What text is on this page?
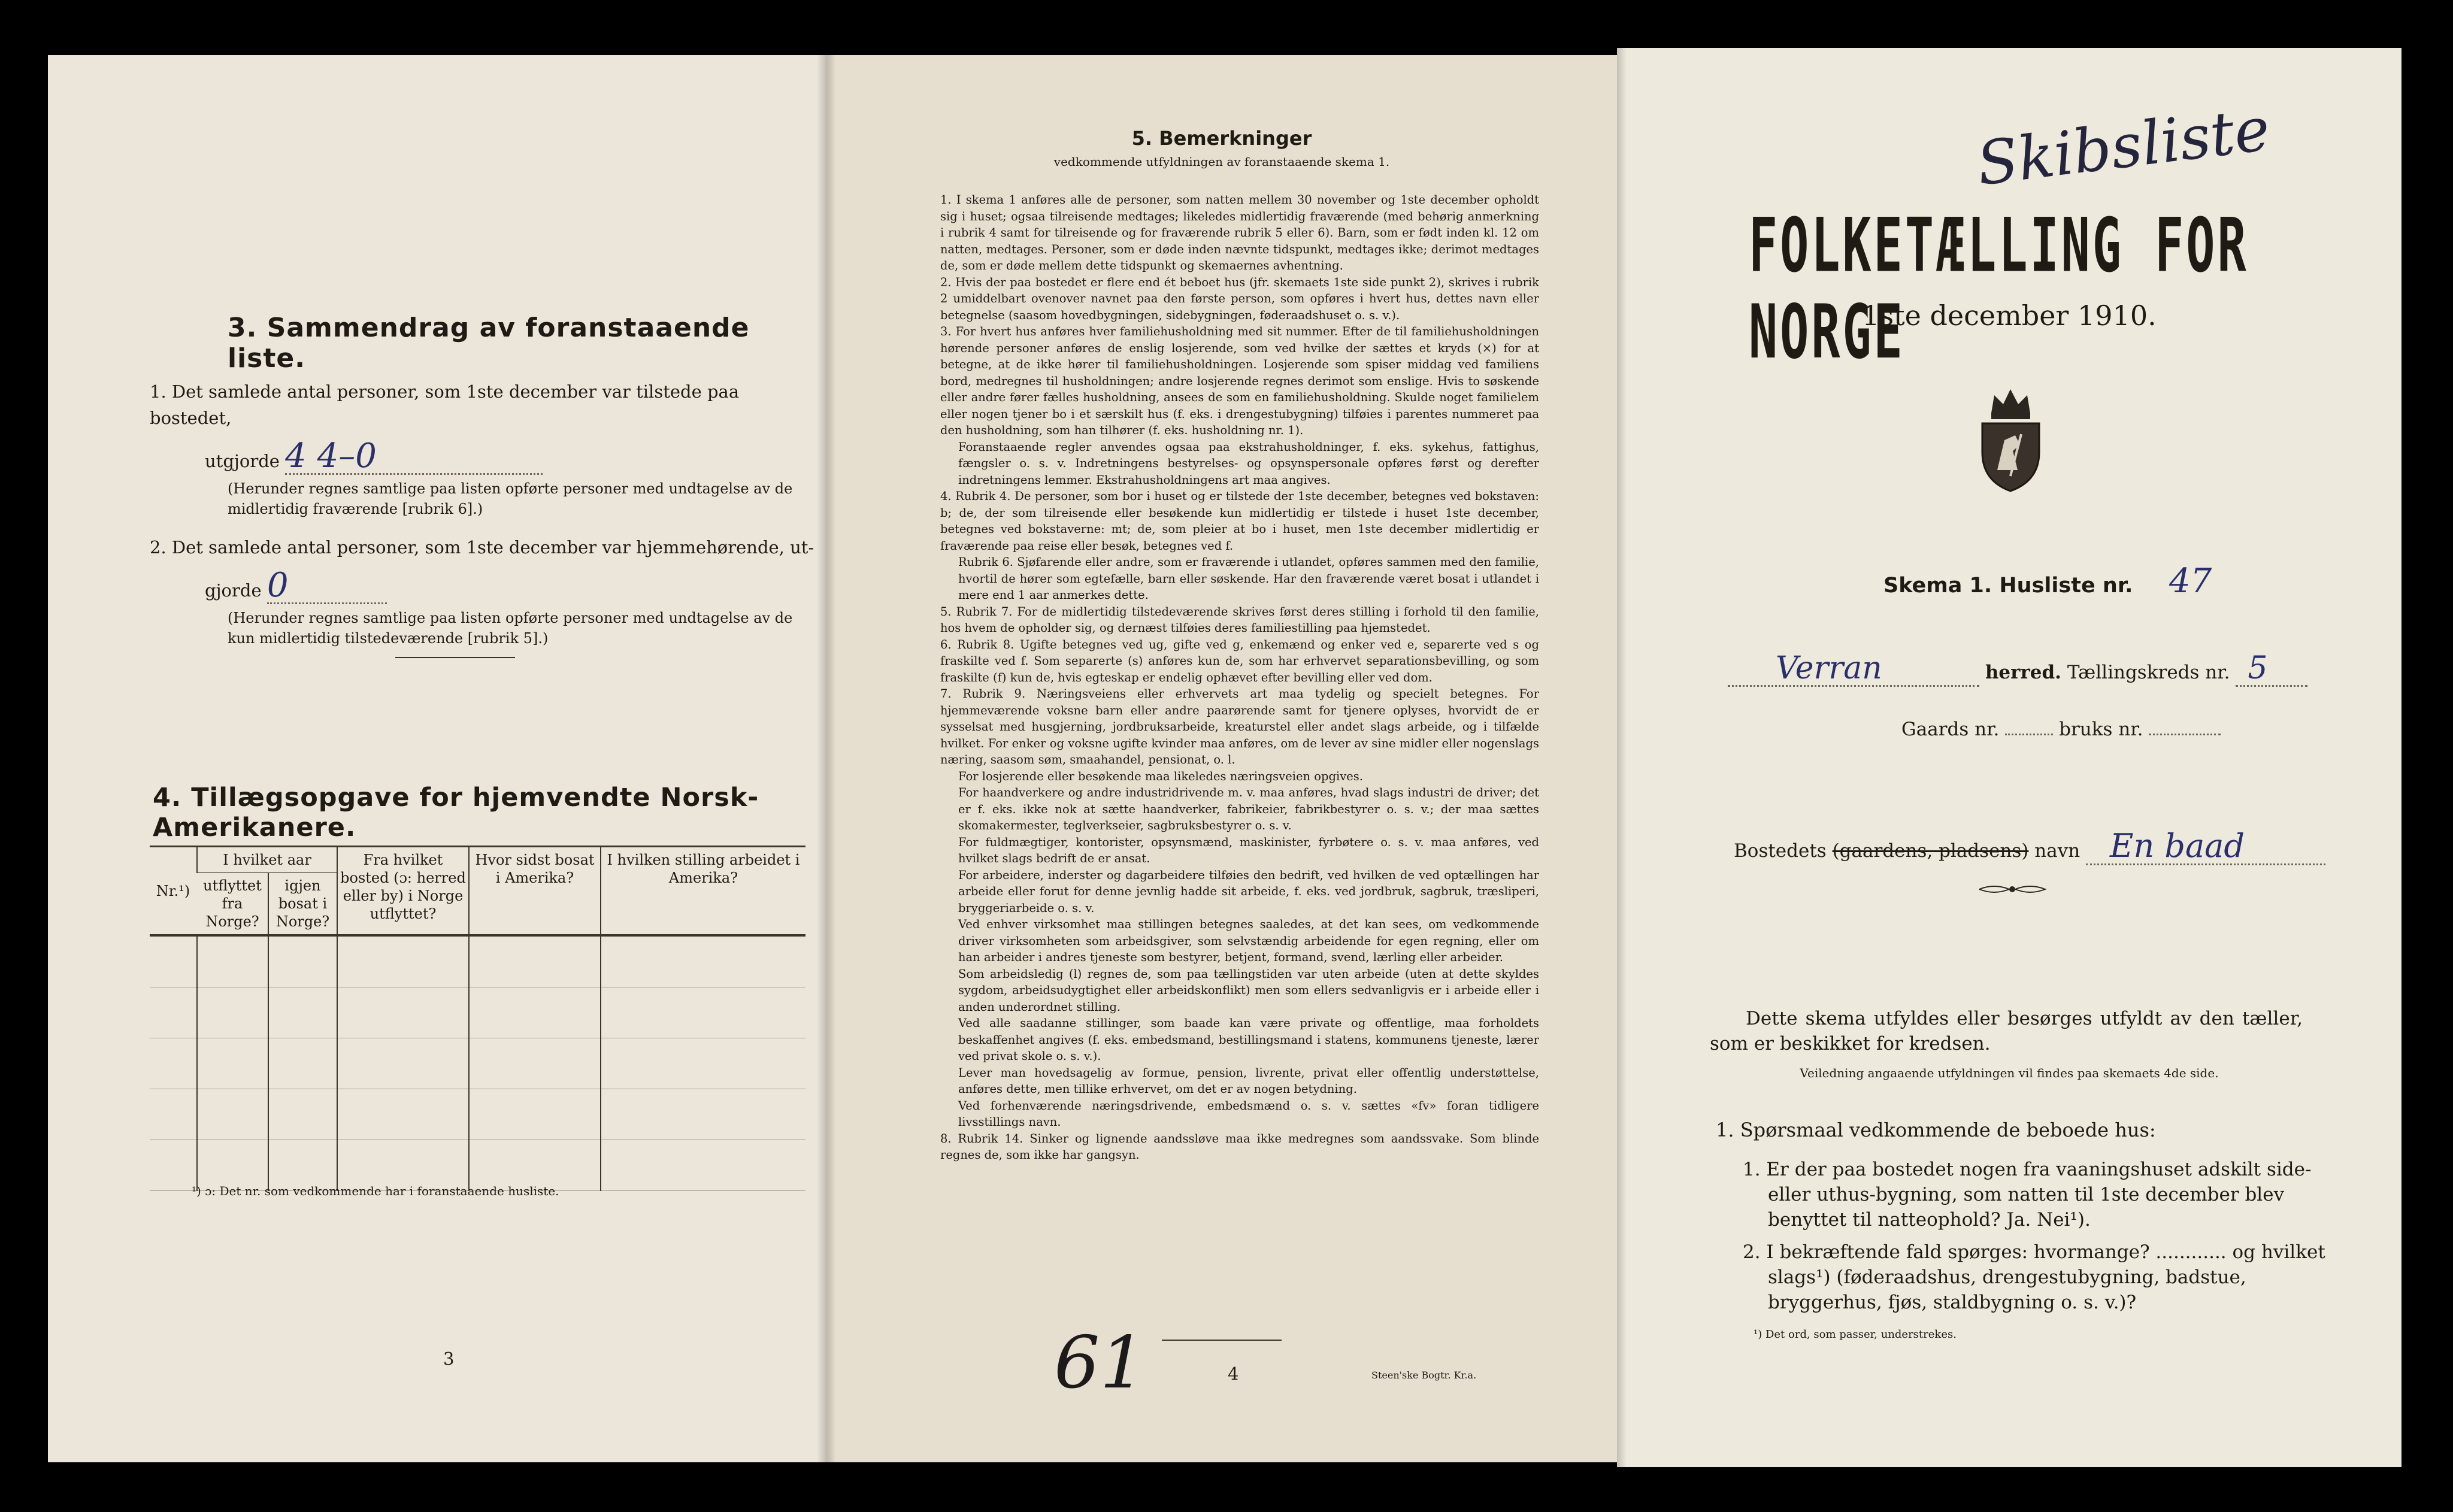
3. Sammendrag av foranstaaende liste.
1. Det samlede antal personer, som 1ste december var tilstede paa bostedet,
utgjorde 4 4–0
(Herunder regnes samtlige paa listen opførte personer med undtagelse av de midlertidig fraværende [rubrik 6].)
2. Det samlede antal personer, som 1ste december var hjemmehørende, ut-
gjorde 0
(Herunder regnes samtlige paa listen opførte personer med undtagelse av de kun midlertidig tilstedeværende [rubrik 5].)
4. Tillægsopgave for hjemvendte Norsk-Amerikanere.
Nr.¹)	I hvilket aar		Fra hvilket bosted (ɔ: herred eller by) i Norge utflyttet?	Hvor sidst bosat i Amerika?	I hvilken stilling arbeidet i Amerika?
	utflyttet fra Norge?	igjen bosat i Norge?			

¹) ɔ: Det nr. som vedkommende har i foranstaaende husliste.
3
5. Bemerkninger
vedkommende utfyldningen av foranstaaende skema 1.

1. I skema 1 anføres alle de personer, som natten mellem 30 november og 1ste december opholdt sig i huset; ogsaa tilreisende medtages; likeledes midlertidig fraværende (med behørig anmerkning i rubrik 4 samt for tilreisende og for fraværende rubrik 5 eller 6). Barn, som er født inden kl. 12 om natten, medtages. Personer, som er døde inden nævnte tidspunkt, medtages ikke; derimot medtages de, som er døde mellem dette tidspunkt og skemaernes avhentning.

2. Hvis der paa bostedet er flere end ét beboet hus (jfr. skemaets 1ste side punkt 2), skrives i rubrik 2 umiddelbart ovenover navnet paa den første person, som opføres i hvert hus, dettes navn eller betegnelse (saasom hovedbygningen, sidebygningen, føderaadshuset o. s. v.).

3. For hvert hus anføres hver familiehusholdning med sit nummer. Efter de til familiehusholdningen hørende personer anføres de enslig losjerende, som ved hvilke der sættes et kryds (×) for at betegne, at de ikke hører til familiehusholdningen. Losjerende som spiser middag ved familiens bord, medregnes til husholdningen; andre losjerende regnes derimot som enslige. Hvis to søskende eller andre fører fælles husholdning, ansees de som en familiehusholdning. Skulde noget familielem eller nogen tjener bo i et særskilt hus (f. eks. i drengestubygning) tilføies i parentes nummeret paa den husholdning, som han tilhører (f. eks. husholdning nr. 1).

Foranstaaende regler anvendes ogsaa paa ekstrahusholdninger, f. eks. sykehus, fattighus, fængsler o. s. v. Indretningens bestyrelses- og opsynspersonale opføres først og derefter indretningens lemmer. Ekstrahusholdningens art maa angives.

4. Rubrik 4. De personer, som bor i huset og er tilstede der 1ste december, betegnes ved bokstaven: b; de, der som tilreisende eller besøkende kun midlertidig er tilstede i huset 1ste december, betegnes ved bokstaverne: mt; de, som pleier at bo i huset, men 1ste december midlertidig er fraværende paa reise eller besøk, betegnes ved f.

Rubrik 6. Sjøfarende eller andre, som er fraværende i utlandet, opføres sammen med den familie, hvortil de hører som egtefælle, barn eller søskende. Har den fraværende været bosat i utlandet i mere end 1 aar anmerkes dette.

5. Rubrik 7. For de midlertidig tilstedeværende skrives først deres stilling i forhold til den familie, hos hvem de opholder sig, og dernæst tilføies deres familiestilling paa hjemstedet.

6. Rubrik 8. Ugifte betegnes ved ug, gifte ved g, enkemænd og enker ved e, separerte ved s og fraskilte ved f. Som separerte (s) anføres kun de, som har erhvervet separationsbevilling, og som fraskilte (f) kun de, hvis egteskap er endelig ophævet efter bevilling eller ved dom.

7. Rubrik 9. Næringsveiens eller erhvervets art maa tydelig og specielt betegnes. For hjemmeværende voksne barn eller andre paarørende samt for tjenere oplyses, hvorvidt de er sysselsat med husgjerning, jordbruksarbeide, kreaturstel eller andet slags arbeide, og i tilfælde hvilket. For enker og voksne ugifte kvinder maa anføres, om de lever av sine midler eller nogenslags næring, saasom søm, smaahandel, pensionat, o. l.

For losjerende eller besøkende maa likeledes næringsveien opgives.

For haandverkere og andre industridrivende m. v. maa anføres, hvad slags industri de driver; det er f. eks. ikke nok at sætte haandverker, fabrikeier, fabrikbestyrer o. s. v.; der maa sættes skomakermester, teglverkseier, sagbruksbestyrer o. s. v.

For fuldmægtiger, kontorister, opsynsmænd, maskinister, fyrbøtere o. s. v. maa anføres, ved hvilket slags bedrift de er ansat.

For arbeidere, inderster og dagarbeidere tilføies den bedrift, ved hvilken de ved optællingen har arbeide eller forut for denne jevnlig hadde sit arbeide, f. eks. ved jordbruk, sagbruk, træsliperi, bryggeriarbeide o. s. v.

Ved enhver virksomhet maa stillingen betegnes saaledes, at det kan sees, om vedkommende driver virksomheten som arbeidsgiver, som selvstændig arbeidende for egen regning, eller om han arbeider i andres tjeneste som bestyrer, betjent, formand, svend, lærling eller arbeider.

Som arbeidsledig (l) regnes de, som paa tællingstiden var uten arbeide (uten at dette skyldes sygdom, arbeidsudygtighet eller arbeidskonflikt) men som ellers sedvanligvis er i arbeide eller i anden underordnet stilling.

Ved alle saadanne stillinger, som baade kan være private og offentlige, maa forholdets beskaffenhet angives (f. eks. embedsmand, bestillingsmand i statens, kommunens tjeneste, lærer ved privat skole o. s. v.).

Lever man hovedsagelig av formue, pension, livrente, privat eller offentlig understøttelse, anføres dette, men tillike erhvervet, om det er av nogen betydning.

Ved forhenværende næringsdrivende, embedsmænd o. s. v. sættes «fv» foran tidligere livsstillings navn.

8. Rubrik 14. Sinker og lignende aandssløve maa ikke medregnes som aandssvake. Som blinde regnes de, som ikke har gangsyn.

61	4	Steen'ske Bogtr. Kr.a.
Skibsliste
FOLKETÆLLING FOR NORGE
1ste december 1910.
Skema 1. Husliste nr. 47
Verran	herred. Tællingskreds nr. 5
Gaards nr.	bruks nr.
Bostedets (gaardens, pladsens) navn En baad
Dette skema utfyldes eller besørges utfyldt av den tæller, som er beskikket for kredsen.
Veiledning angaaende utfyldningen vil findes paa skemaets 4de side.
1. Spørsmaal vedkommende de beboede hus:
1. Er der paa bostedet nogen fra vaaningshuset adskilt side- eller uthus-bygning, som natten til 1ste december blev benyttet til natteophold? Ja. Nei¹).
2. I bekræftende fald spørges: hvormange? ............ og hvilket slags¹) (føderaadshus, drengestubygning, badstue, bryggerhus, fjøs, staldbygning o. s. v.)?
¹) Det ord, som passer, understrekes.
